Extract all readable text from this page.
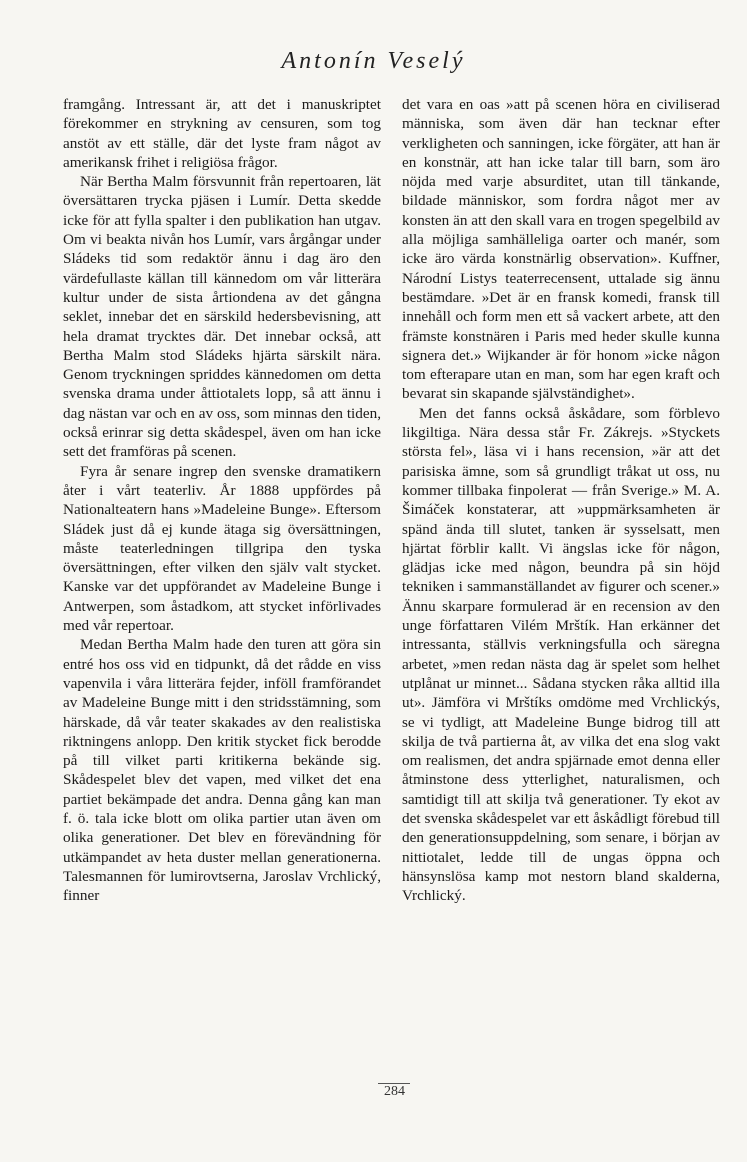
Antonín Veselý

framgång. Intressant är, att det i manuskriptet förekommer en strykning av censuren, som tog anstöt av ett ställe, där det lyste fram något av amerikansk frihet i religiösa frågor.

När Bertha Malm försvunnit från repertoaren, lät översättaren trycka pjäsen i Lumír. Detta skedde icke för att fylla spalter i den publikation han utgav. Om vi beakta nivån hos Lumír, vars årgångar under Sládeks tid som redaktör ännu i dag äro den värdefullaste källan till kännedom om vår litterära kultur under de sista årtiondena av det gångna seklet, innebar det en särskild hedersbevisning, att hela dramat trycktes där. Det innebar också, att Bertha Malm stod Sládeks hjärta särskilt nära. Genom tryckningen spriddes kännedomen om detta svenska drama under åttiotalets lopp, så att ännu i dag nästan var och en av oss, som minnas den tiden, också erinrar sig detta skådespel, även om han icke sett det framföras på scenen.

Fyra år senare ingrep den svenske dramatikern åter i vårt teaterliv. År 1888 uppfördes på Nationalteatern hans »Madeleine Bunge». Eftersom Sládek just då ej kunde ätaga sig översättningen, måste teaterledningen tillgripa den tyska översättningen, efter vilken den själv valt stycket. Kanske var det uppförandet av Madeleine Bunge i Antwerpen, som åstadkom, att stycket införlivades med vår repertoar.

Medan Bertha Malm hade den turen att göra sin entré hos oss vid en tidpunkt, då det rådde en viss vapenvila i våra litterära fejder, inföll framförandet av Madeleine Bunge mitt i den stridsstämning, som härskade, då vår teater skakades av den realistiska riktningens anlopp. Den kritik stycket fick berodde på till vilket parti kritikerna bekände sig. Skådespelet blev det vapen, med vilket det ena partiet bekämpade det andra. Denna gång kan man f. ö. tala icke blott om olika partier utan även om olika generationer. Det blev en förevändning för utkämpandet av heta duster mellan generationerna. Talesmannen för lumirovtserna, Jaroslav Vrchlický, finner

det vara en oas »att på scenen höra en civiliserad människa, som även där han tecknar efter verkligheten och sanningen, icke förgäter, att han är en konstnär, att han icke talar till barn, som äro nöjda med varje absurditet, utan till tänkande, bildade människor, som fordra något mer av konsten än att den skall vara en trogen spegelbild av alla möjliga samhälleliga oarter och manér, som icke äro värda konstnärlig observation». Kuffner, Národní Listys teaterrecensent, uttalade sig ännu bestämdare. »Det är en fransk komedi, fransk till innehåll och form men ett så vackert arbete, att den främste konstnären i Paris med heder skulle kunna signera det.» Wijkander är för honom »icke någon tom efterapare utan en man, som har egen kraft och bevarat sin skapande självständighet».

Men det fanns också åskådare, som förblevo likgiltiga. Nära dessa står Fr. Zákrejs. »Styckets största fel», läsa vi i hans recension, »är att det parisiska ämne, som så grundligt tråkat ut oss, nu kommer tillbaka finpolerat — från Sverige.» M. A. Šimáček konstaterar, att »uppmärksamheten är spänd ända till slutet, tanken är sysselsatt, men hjärtat förblir kallt. Vi ängslas icke för någon, glädjas icke med någon, beundra på sin höjd tekniken i sammanställandet av figurer och scener.» Ännu skarpare formulerad är en recension av den unge författaren Vilém Mrštík. Han erkänner det intressanta, ställvis verkningsfulla och säregna arbetet, »men redan nästa dag är spelet som helhet utplånat ur minnet... Sådana stycken råka alltid illa ut». Jämföra vi Mrštíks omdöme med Vrchlickýs, se vi tydligt, att Madeleine Bunge bidrog till att skilja de två partierna åt, av vilka det ena slog vakt om realismen, det andra spjärnade emot denna eller åtminstone dess ytterlighet, naturalismen, och samtidigt till att skilja två generationer. Ty ekot av det svenska skådespelet var ett åskådligt förebud till den generationsuppdelning, som senare, i början av nittiotalet, ledde till de ungas öppna och hänsynslösa kamp mot nestorn bland skalderna, Vrchlický.

284
